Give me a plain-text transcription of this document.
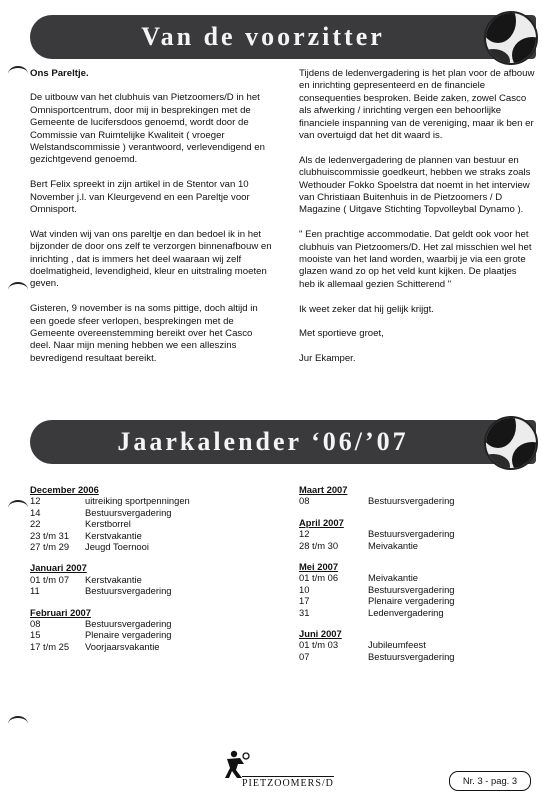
Van de voorzitter

Ons Pareltje.

De uitbouw van het clubhuis van Pietzoomers/D in het Omnisportcentrum, door mij in besprekingen met de Gemeente de lucifersdoos genoemd, wordt door de Commissie van Ruimtelijke Kwaliteit ( vroeger Welstandscommissie ) verantwoord, verlevendigend en gezichtgevend genoemd.

Bert Felix spreekt in zijn artikel in de Stentor van 10 November j.l. van Kleurgevend en een Pareltje voor Omnisport.

Wat vinden wij van ons pareltje en dan bedoel ik in het bijzonder de door ons zelf te verzorgen binnenafbouw en inrichting , dat is immers het deel waaraan wij zelf doelmatigheid, levendigheid, kleur en uitstraling moeten geven.

Gisteren, 9 november is na soms pittige, doch altijd in een goede sfeer verlopen, besprekingen met de Gemeente overeenstemming bereikt over het Casco deel. Naar mijn mening hebben we een alleszins bevredigend resultaat bereikt.

Tijdens de ledenvergadering is het plan voor de afbouw en inrichting gepresenteerd en de financiele consequenties besproken. Beide zaken, zowel Casco als afwerking / inrichting vergen een behoorlijke financiele inspanning van de vereniging, maar ik ben er van overtuigd dat het dit waard is.

Als de ledenvergadering de plannen van bestuur en clubhuiscommissie goedkeurt, hebben we straks zoals Wethouder Fokko Spoelstra dat noemt in het interview van Christiaan Buitenhuis in de Pietzoomers / D Magazine ( Uitgave Stichting Topvolleybal Dynamo ).

" Een prachtige accommodatie. Dat geldt ook voor het clubhuis van Pietzoomers/D. Het zal misschien wel het mooiste van het land worden, waarbij je via een grote glazen wand zo op het veld kunt kijken. De plaatjes heb ik allemaal gezien Schitterend "

Ik weet zeker dat hij gelijk krijgt.

Met sportieve groet,

Jur Ekamper.

Jaarkalender ‘06/’07
December 2006
12	uitreiking sportpenningen
14	Bestuursvergadering
22	Kerstborrel
23 t/m 31	Kerstvakantie
27 t/m 29	Jeugd Toernooi
Januari 2007
01 t/m 07	Kerstvakantie
11	Bestuursvergadering
Februari 2007
08	Bestuursvergadering
15	Plenaire vergadering
17 t/m 25	Voorjaarsvakantie
Maart 2007
08	Bestuursvergadering
April 2007
12	Bestuursvergadering
28 t/m 30	Meivakantie
Mei 2007
01 t/m 06	Meivakantie
10	Bestuursvergadering
17	Plenaire vergadering
31	Ledenvergadering
Juni 2007
01 t/m 03	Jubileumfeest
07	Bestuursvergadering
PIETZOOMERS/D	Nr. 3 - pag. 3
